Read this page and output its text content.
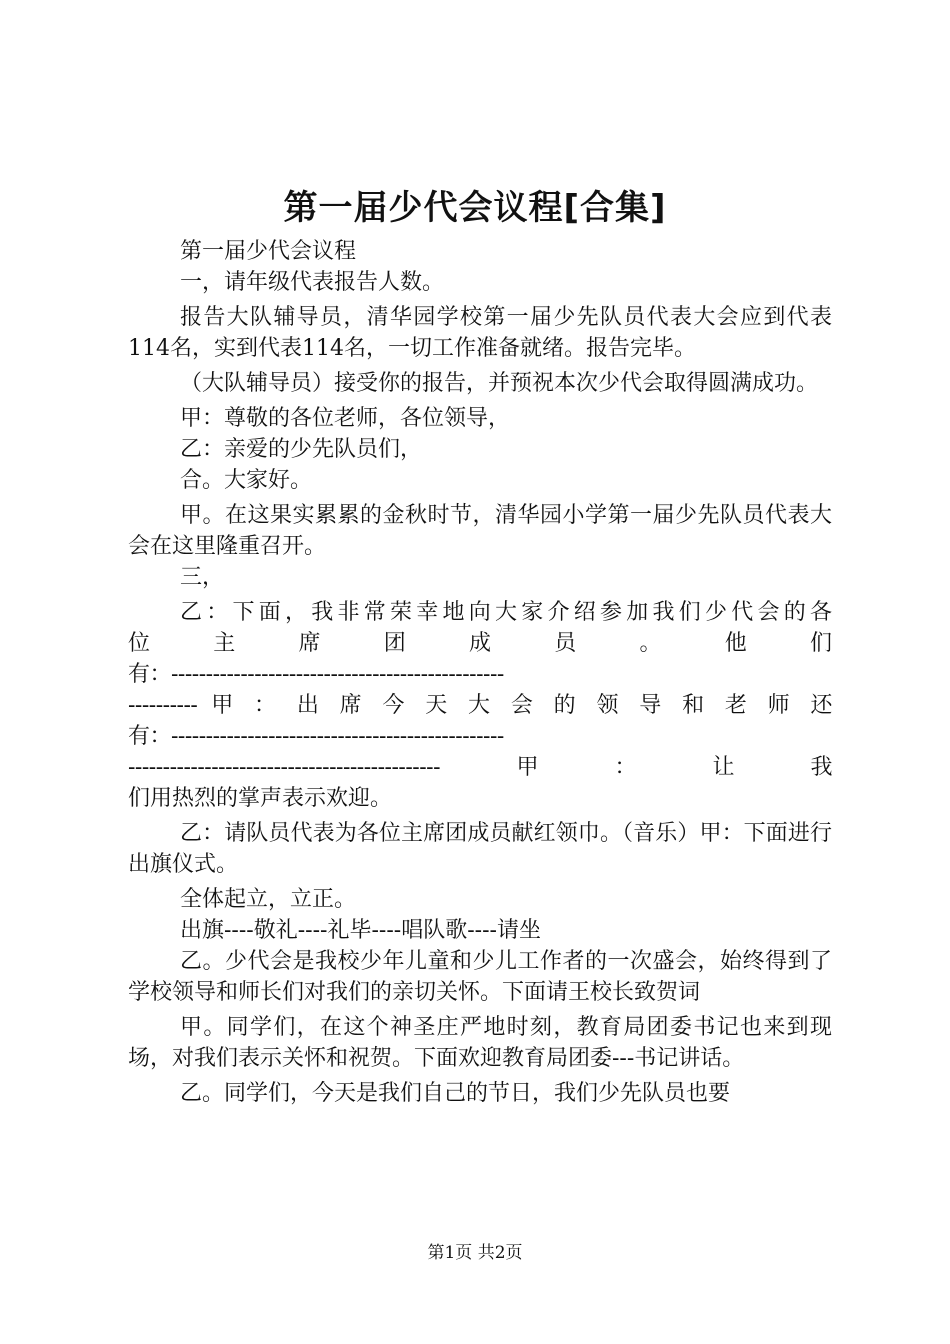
第一届少代会议程[合集]

第一届少代会议程

一，请年级代表报告人数。

报告大队辅导员，清华园学校第一届少先队员代表大会应到代表114名，实到代表114名，一切工作准备就绪。报告完毕。

（大队辅导员）接受你的报告，并预祝本次少代会取得圆满成功。

甲：尊敬的各位老师，各位领导，

乙：亲爱的少先队员们，

合。大家好。

甲。在这果实累累的金秋时节，清华园小学第一届少先队员代表大会在这里隆重召开。

三，

乙：下面，我非常荣幸地向大家介绍参加我们少代会的各

位 主 席 团 成 员 。 他 们

有：------------------------------------------------

---------- 甲 ： 出 席 今 天 大 会 的 领 导 和 老 师 还

有：------------------------------------------------

---------------------------------------------甲：让我

们用热烈的掌声表示欢迎。

乙：请队员代表为各位主席团成员献红领巾。（音乐）甲：下面进行出旗仪式。

全体起立，立正。

出旗----敬礼----礼毕----唱队歌----请坐

乙。少代会是我校少年儿童和少儿工作者的一次盛会，始终得到了学校领导和师长们对我们的亲切关怀。下面请王校长致贺词

甲。同学们，在这个神圣庄严地时刻，教育局团委书记也来到现场，对我们表示关怀和祝贺。下面欢迎教育局团委---书记讲话。

乙。同学们，今天是我们自己的节日，我们少先队员也要

第1页 共2页
